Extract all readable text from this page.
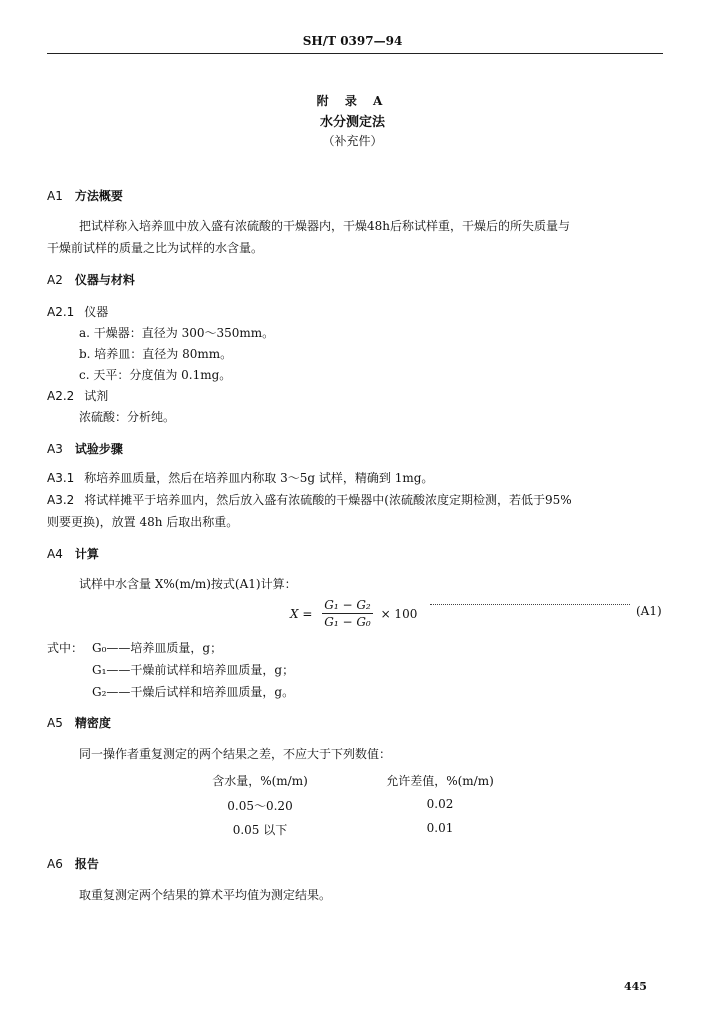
SH/T 0397—94
附 录 A
水分测定法
（补充件）
A1 方法概要
把试样称入培养皿中放入盛有浓硫酸的干燥器内，干燥48h后称试样重，干燥后的所失质量与
干燥前试样的质量之比为试样的水含量。
A2 仪器与材料
A2.1 仪器
a. 干燥器：直径为 300～350mm。
b. 培养皿：直径为 80mm。
c. 天平：分度值为 0.1mg。
A2.2 试剂
浓硫酸：分析纯。
A3 试验步骤
A3.1 称培养皿质量，然后在培养皿内称取 3～5g 试样，精确到 1mg。
A3.2 将试样摊平于培养皿内，然后放入盛有浓硫酸的干燥器中(浓硫酸浓度定期检测，若低于95%
则要更换)，放置 48h 后取出称重。
A4 计算
试样中水含量 X%(m/m)按式(A1)计算：
$X = \frac{\text{G₁ − G₂}}{\text{G₁ − G₀}} \times 100$	(A1)
式中： G₀——培养皿质量，g；
G₁——干燥前试样和培养皿质量，g；
G₂——干燥后试样和培养皿质量，g。
A5 精密度
同一操作者重复测定的两个结果之差，不应大于下列数值：
含水量，%(m/m)	允许差值，%(m/m)
0.05～0.20	0.02
0.05 以下	0.01
A6 报告
取重复测定两个结果的算术平均值为测定结果。
445
